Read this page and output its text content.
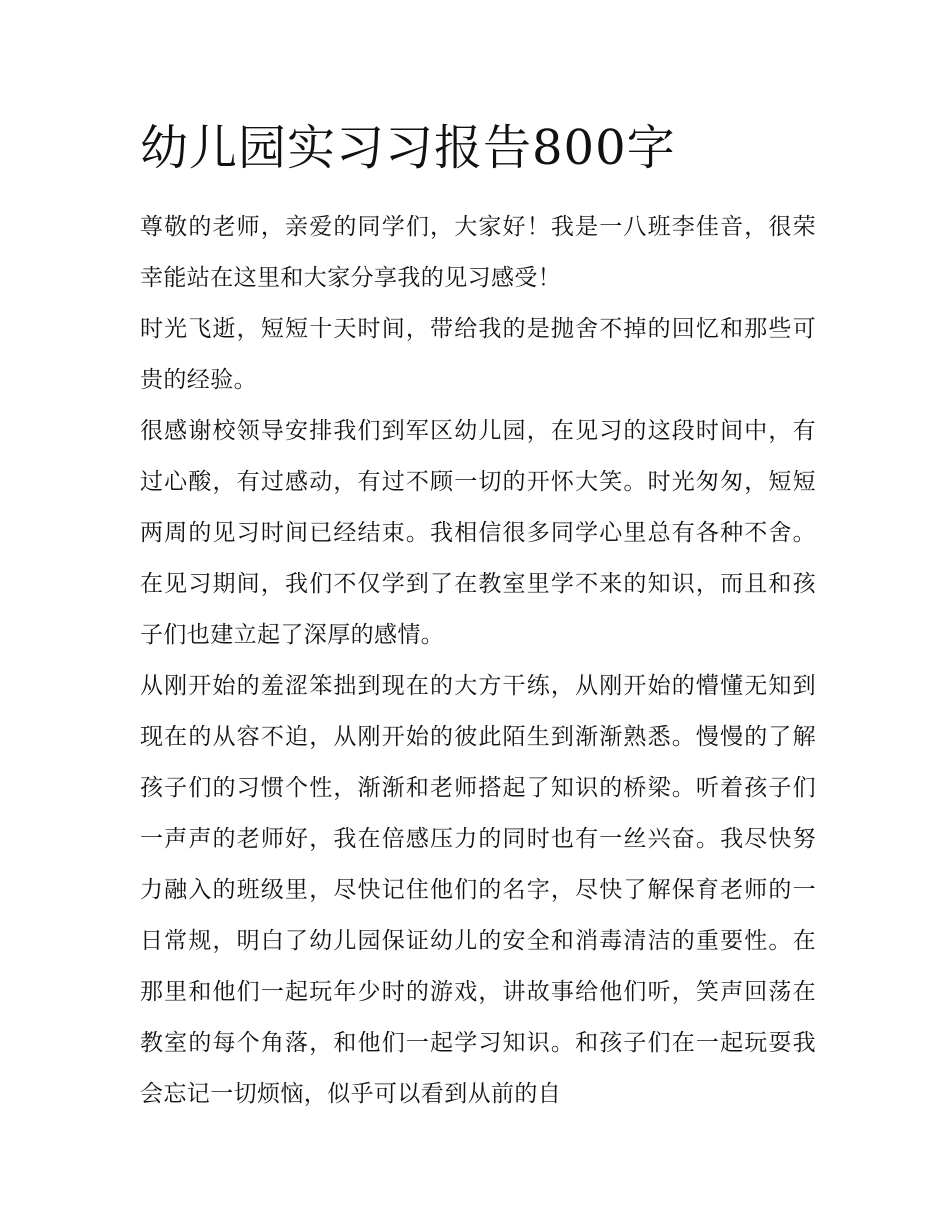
幼儿园实习习报告800字

尊敬的老师，亲爱的同学们，大家好！我是一八班李佳音，很荣幸能站在这里和大家分享我的见习感受！

时光飞逝，短短十天时间，带给我的是抛舍不掉的回忆和那些可贵的经验。

很感谢校领导安排我们到军区幼儿园，在见习的这段时间中，有过心酸，有过感动，有过不顾一切的开怀大笑。时光匆匆，短短两周的见习时间已经结束。我相信很多同学心里总有各种不舍。在见习期间，我们不仅学到了在教室里学不来的知识，而且和孩子们也建立起了深厚的感情。

从刚开始的羞涩笨拙到现在的大方干练，从刚开始的懵懂无知到现在的从容不迫，从刚开始的彼此陌生到渐渐熟悉。慢慢的了解孩子们的习惯个性，渐渐和老师搭起了知识的桥梁。听着孩子们一声声的老师好，我在倍感压力的同时也有一丝兴奋。我尽快努力融入的班级里，尽快记住他们的名字，尽快了解保育老师的一日常规，明白了幼儿园保证幼儿的安全和消毒清洁的重要性。在那里和他们一起玩年少时的游戏，讲故事给他们听，笑声回荡在教室的每个角落，和他们一起学习知识。和孩子们在一起玩耍我会忘记一切烦恼，似乎可以看到从前的自
